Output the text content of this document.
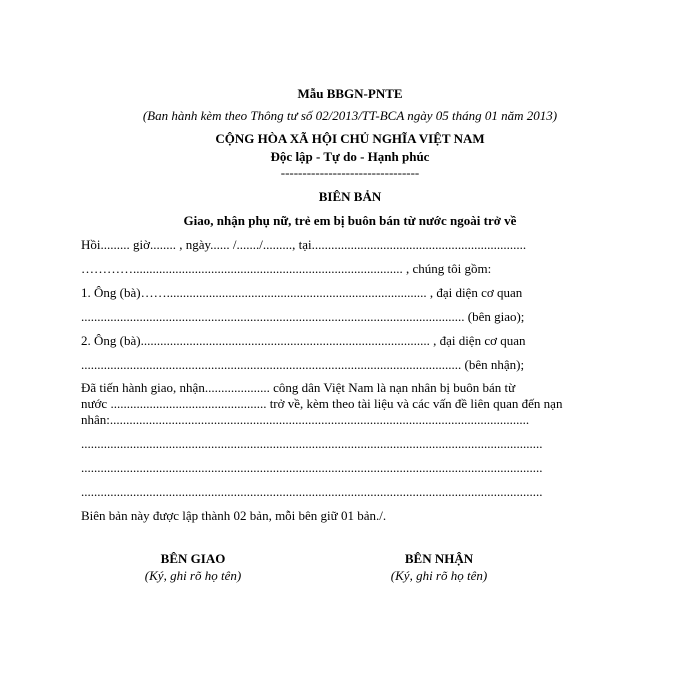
Mẫu BBGN-PNTE
(Ban hành kèm theo Thông tư số 02/2013/TT-BCA ngày 05 tháng 01 năm 2013)
CỘNG HÒA XÃ HỘI CHỦ NGHĨA VIỆT NAM
Độc lập - Tự do - Hạnh phúc
--------------------------------
BIÊN BẢN
Giao, nhận phụ nữ, trẻ em bị buôn bán từ nước ngoài trở về
Hồi......... giờ........ , ngày...... /......./........., tại..................................................................
…………................................................................................... , chúng tôi gồm:
1. Ông (bà)……................................................................................ , đại diện cơ quan
...................................................................................................................... (bên giao);
2. Ông (bà)......................................................................................... , đại diện cơ quan
..................................................................................................................... (bên nhận);
Đã tiến hành giao, nhận.................... công dân Việt Nam là nạn nhân bị buôn bán từ
nước ................................................ trở về, kèm theo tài liệu và các vấn đề liên quan đến nạn
nhân:.................................................................................................................................
..............................................................................................................................................
..............................................................................................................................................
..............................................................................................................................................
Biên bản này được lập thành 02 bản, mỗi bên giữ 01 bản./.
BÊN GIAO
(Ký, ghi rõ họ tên)
BÊN NHẬN
(Ký, ghi rõ họ tên)
